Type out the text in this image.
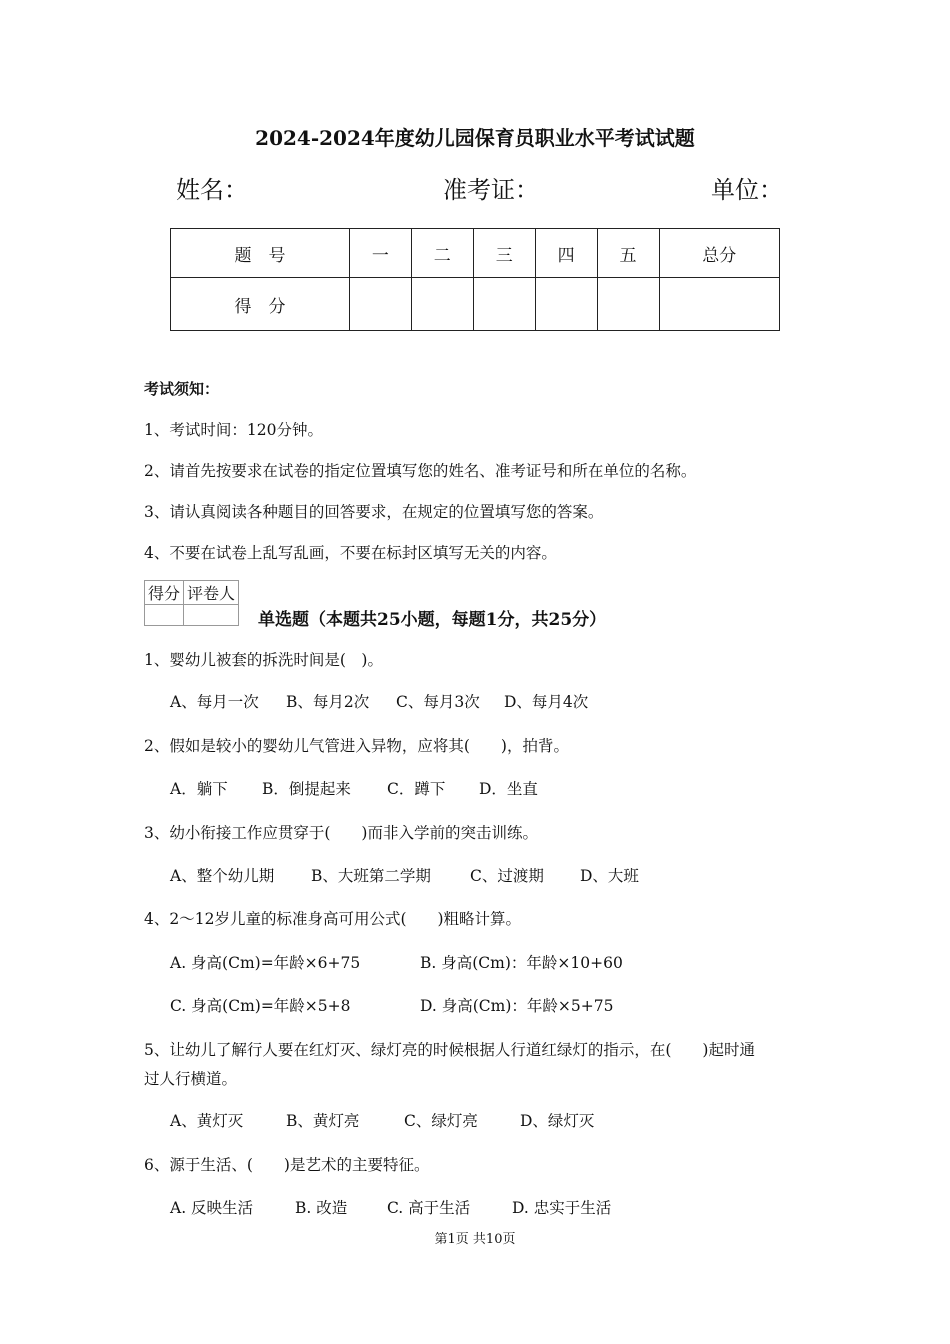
2024-2024年度幼儿园保育员职业水平考试试题
姓名：	准考证：	单位：
题　号	一	二	三	四	五	总分
得　分						
考试须知：
1、考试时间：120分钟。
2、请首先按要求在试卷的指定位置填写您的姓名、准考证号和所在单位的名称。
3、请认真阅读各种题目的回答要求，在规定的位置填写您的答案。
4、不要在试卷上乱写乱画，不要在标封区填写无关的内容。
得分	评卷人

单选题（本题共25小题，每题1分，共25分）
1、婴幼儿被套的拆洗时间是(　)。
A、每月一次 B、每月2次 C、每月3次 D、每月4次
2、假如是较小的婴幼儿气管进入异物，应将其(　　)，拍背。
A．躺下 B．倒提起来 C．蹲下 D．坐直
3、幼小衔接工作应贯穿于(　　)而非入学前的突击训练。
A、整个幼儿期 B、大班第二学期	C、过渡期 D、大班
4、2～12岁儿童的标准身高可用公式(　　)粗略计算。
A. 身高(Cm)=年龄×6+75	B. 身高(Cm)：年龄×10+60
C. 身高(Cm)=年龄×5+8	D. 身高(Cm)：年龄×5+75
5、让幼儿了解行人要在红灯灭、绿灯亮的时候根据人行道红绿灯的指示，在(　　)起时通
过人行横道。
A、黄灯灭	B、黄灯亮	C、绿灯亮	D、绿灯灭
6、源于生活、(　　)是艺术的主要特征。
A. 反映生活	B. 改造	C. 高于生活	D. 忠实于生活
第1页 共10页
